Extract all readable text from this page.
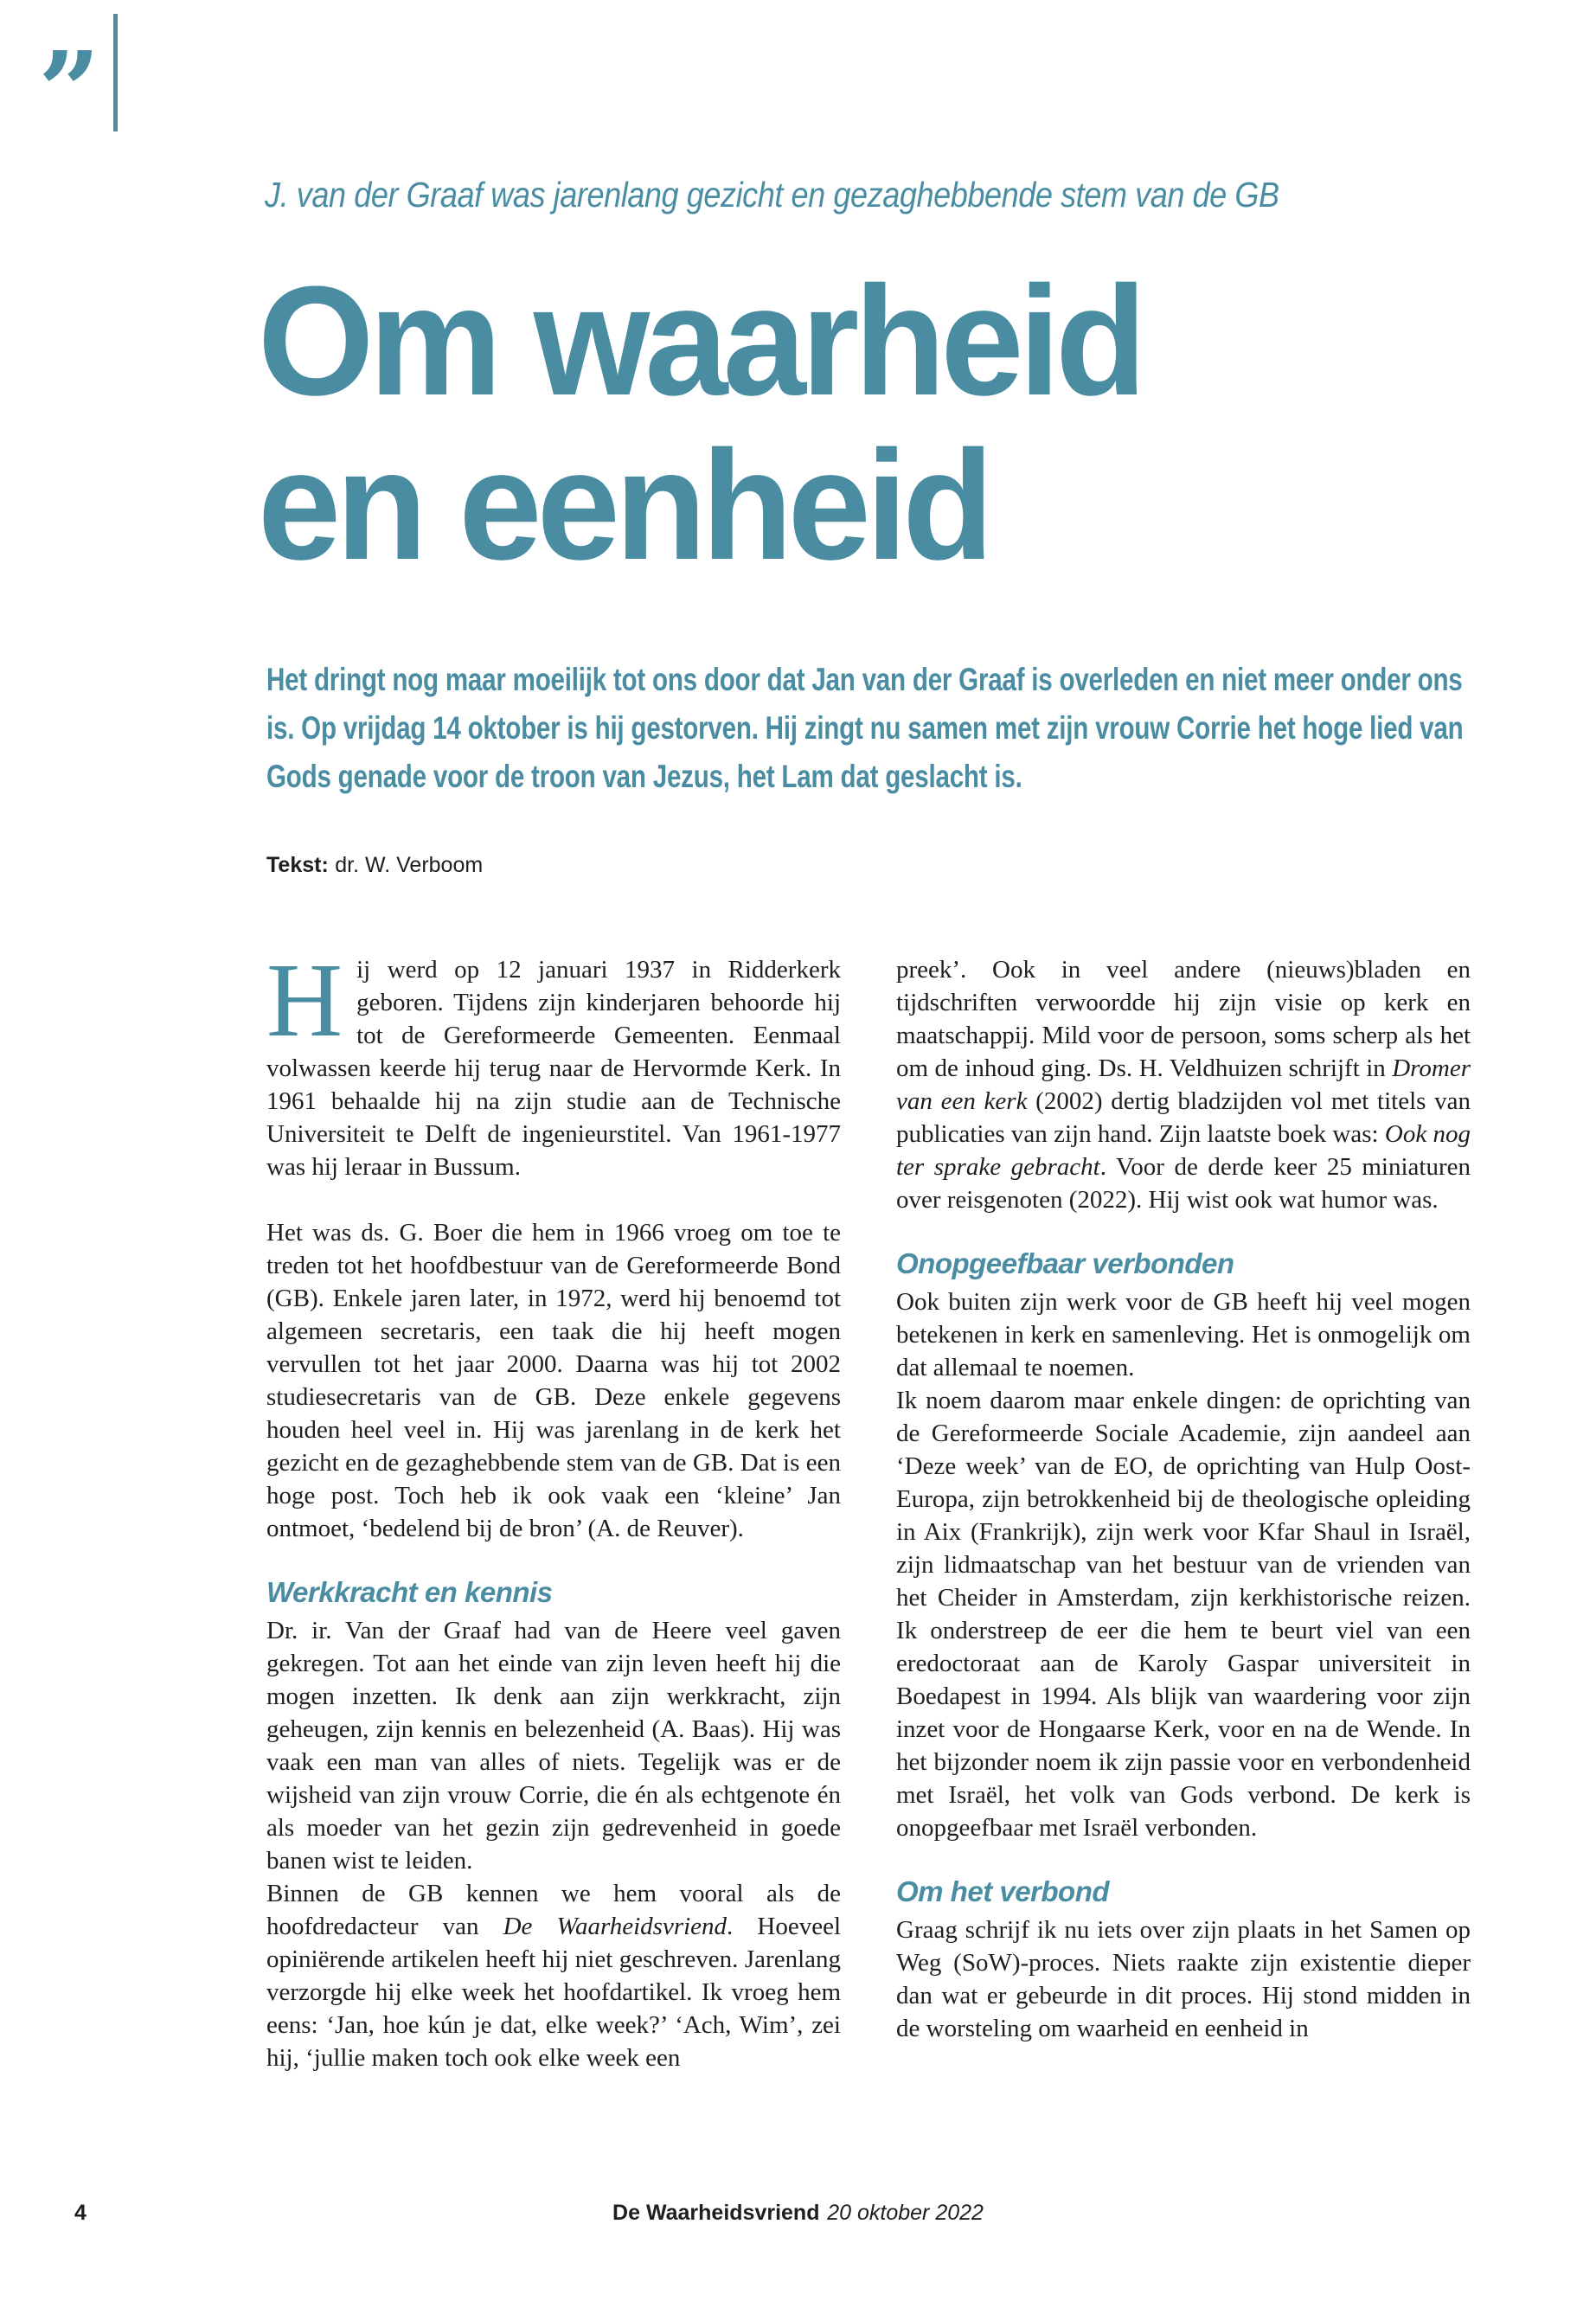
”

J. van der Graaf was jarenlang gezicht en gezaghebbende stem van de GB

Om waarheid
en eenheid

Het dringt nog maar moeilijk tot ons door dat Jan van der Graaf is overleden en niet meer onder ons is. Op vrijdag 14 oktober is hij gestorven. Hij zingt nu samen met zijn vrouw Corrie het hoge lied van Gods genade voor de troon van Jezus, het Lam dat geslacht is.

Tekst: dr. W. Verboom

Hij werd op 12 januari 1937 in Ridderkerk geboren. Tijdens zijn kinderjaren behoorde hij tot de Gereformeerde Gemeenten. Eenmaal volwassen keerde hij terug naar de Hervormde Kerk. In 1961 behaalde hij na zijn studie aan de Technische Universiteit te Delft de ingenieurstitel. Van 1961-1977 was hij leraar in Bussum.

Het was ds. G. Boer die hem in 1966 vroeg om toe te treden tot het hoofdbestuur van de Gereformeerde Bond (GB). Enkele jaren later, in 1972, werd hij benoemd tot algemeen secretaris, een taak die hij heeft mogen vervullen tot het jaar 2000. Daarna was hij tot 2002 studiesecretaris van de GB. Deze enkele gegevens houden heel veel in. Hij was jarenlang in de kerk het gezicht en de gezaghebbende stem van de GB. Dat is een hoge post. Toch heb ik ook vaak een ‘kleine’ Jan ontmoet, ‘bedelend bij de bron’ (A. de Reuver).

Werkkracht en kennis

Dr. ir. Van der Graaf had van de Heere veel gaven gekregen. Tot aan het einde van zijn leven heeft hij die mogen inzetten. Ik denk aan zijn werkkracht, zijn geheugen, zijn kennis en belezenheid (A. Baas). Hij was vaak een man van alles of niets. Tegelijk was er de wijsheid van zijn vrouw Corrie, die én als echtgenote én als moeder van het gezin zijn gedrevenheid in goede banen wist te leiden.

Binnen de GB kennen we hem vooral als de hoofdredacteur van De Waarheidsvriend. Hoeveel opiniërende artikelen heeft hij niet geschreven. Jarenlang verzorgde hij elke week het hoofdartikel. Ik vroeg hem eens: ‘Jan, hoe kún je dat, elke week?’ ‘Ach, Wim’, zei hij, ‘jullie maken toch ook elke week een

preek’. Ook in veel andere (nieuws)bladen en tijdschriften verwoordde hij zijn visie op kerk en maatschappij. Mild voor de persoon, soms scherp als het om de inhoud ging. Ds. H. Veldhuizen schrijft in Dromer van een kerk (2002) dertig bladzijden vol met titels van publicaties van zijn hand. Zijn laatste boek was: Ook nog ter sprake gebracht. Voor de derde keer 25 miniaturen over reisgenoten (2022). Hij wist ook wat humor was.

Onopgeefbaar verbonden

Ook buiten zijn werk voor de GB heeft hij veel mogen betekenen in kerk en samenleving. Het is onmogelijk om dat allemaal te noemen.

Ik noem daarom maar enkele dingen: de oprichting van de Gereformeerde Sociale Academie, zijn aandeel aan ‘Deze week’ van de EO, de oprichting van Hulp Oost-Europa, zijn betrokkenheid bij de theologische opleiding in Aix (Frankrijk), zijn werk voor Kfar Shaul in Israël, zijn lidmaatschap van het bestuur van de vrienden van het Cheider in Amsterdam, zijn kerkhistorische reizen. Ik onderstreep de eer die hem te beurt viel van een eredoctoraat aan de Karoly Gaspar universiteit in Boedapest in 1994. Als blijk van waardering voor zijn inzet voor de Hongaarse Kerk, voor en na de Wende. In het bijzonder noem ik zijn passie voor en verbondenheid met Israël, het volk van Gods verbond. De kerk is onopgeefbaar met Israël verbonden.

Om het verbond

Graag schrijf ik nu iets over zijn plaats in het Samen op Weg (SoW)-proces. Niets raakte zijn existentie dieper dan wat er gebeurde in dit proces. Hij stond midden in de worsteling om waarheid en eenheid in

4	De Waarheidsvriend 20 oktober 2022
